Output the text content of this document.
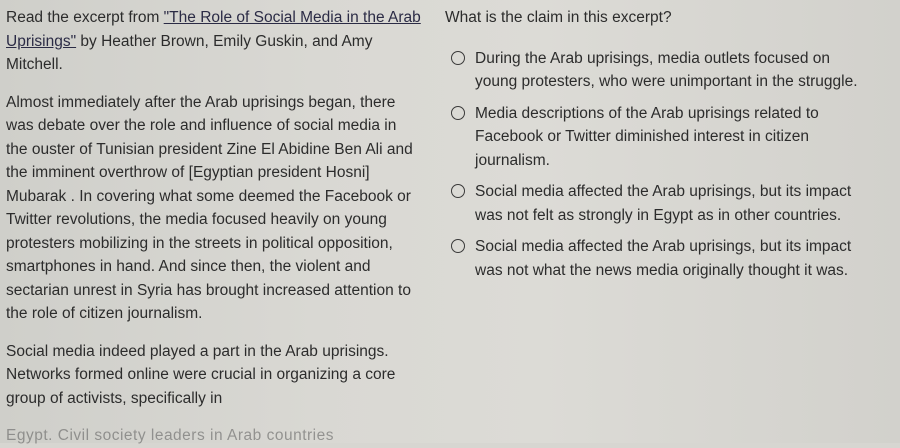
Read the excerpt from "The Role of Social Media in the Arab Uprisings" by Heather Brown, Emily Guskin, and Amy Mitchell.

Almost immediately after the Arab uprisings began, there was debate over the role and influence of social media in the ouster of Tunisian president Zine El Abidine Ben Ali and the imminent overthrow of [Egyptian president Hosni] Mubarak . In covering what some deemed the Facebook or Twitter revolutions, the media focused heavily on young protesters mobilizing in the streets in political opposition, smartphones in hand. And since then, the violent and sectarian unrest in Syria has brought increased attention to the role of citizen journalism.

Social media indeed played a part in the Arab uprisings. Networks formed online were crucial in organizing a core group of activists, specifically in

Egypt. Civil society leaders in Arab countries
What is the claim in this excerpt?
During the Arab uprisings, media outlets focused on young protesters, who were unimportant in the struggle.
Media descriptions of the Arab uprisings related to Facebook or Twitter diminished interest in citizen journalism.
Social media affected the Arab uprisings, but its impact was not felt as strongly in Egypt as in other countries.
Social media affected the Arab uprisings, but its impact was not what the news media originally thought it was.
